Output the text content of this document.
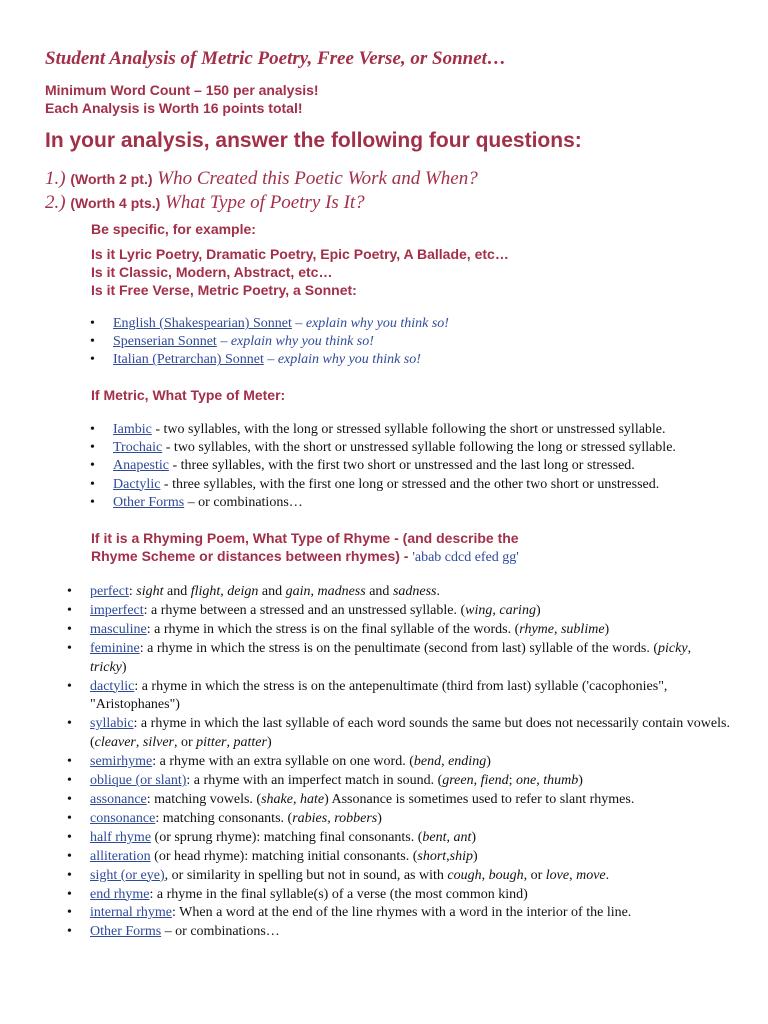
Student Analysis of Metric Poetry, Free Verse, or Sonnet…
Minimum Word Count – 150 per analysis!
Each Analysis is Worth 16 points total!
In your analysis, answer the following four questions:
1.) (Worth 2 pt.) Who Created this Poetic Work and When?
2.) (Worth 4 pts.) What Type of Poetry Is It?
Be specific, for example:
Is it Lyric Poetry, Dramatic Poetry, Epic Poetry, A Ballade, etc…
Is it Classic, Modern, Abstract, etc…
Is it Free Verse, Metric Poetry, a Sonnet:
• English (Shakespearian) Sonnet – explain why you think so!
• Spenserian Sonnet – explain why you think so!
• Italian (Petrarchan) Sonnet – explain why you think so!
If Metric, What Type of Meter:
• Iambic - two syllables, with the long or stressed syllable following the short or unstressed syllable.
• Trochaic - two syllables, with the short or unstressed syllable following the long or stressed syllable.
• Anapestic - three syllables, with the first two short or unstressed and the last long or stressed.
• Dactylic - three syllables, with the first one long or stressed and the other two short or unstressed.
• Other Forms – or combinations…
If it is a Rhyming Poem, What Type of Rhyme - (and describe the
Rhyme Scheme or distances between rhymes) - 'abab cdcd efed gg'
• perfect: sight and flight, deign and gain, madness and sadness.
• imperfect: a rhyme between a stressed and an unstressed syllable. (wing, caring)
• masculine: a rhyme in which the stress is on the final syllable of the words. (rhyme, sublime)
• feminine: a rhyme in which the stress is on the penultimate (second from last) syllable of the words. (picky, tricky)
• dactylic: a rhyme in which the stress is on the antepenultimate (third from last) syllable ('cacophonies", "Aristophanes")
• syllabic: a rhyme in which the last syllable of each word sounds the same but does not necessarily contain vowels. (cleaver, silver, or pitter, patter)
• semirhyme: a rhyme with an extra syllable on one word. (bend, ending)
• oblique (or slant): a rhyme with an imperfect match in sound. (green, fiend; one, thumb)
• assonance: matching vowels. (shake, hate) Assonance is sometimes used to refer to slant rhymes.
• consonance: matching consonants. (rabies, robbers)
• half rhyme (or sprung rhyme): matching final consonants. (bent, ant)
• alliteration (or head rhyme): matching initial consonants. (short,ship)
• sight (or eye), or similarity in spelling but not in sound, as with cough, bough, or love, move.
• end rhyme: a rhyme in the final syllable(s) of a verse (the most common kind)
• internal rhyme: When a word at the end of the line rhymes with a word in the interior of the line.
• Other Forms – or combinations…
